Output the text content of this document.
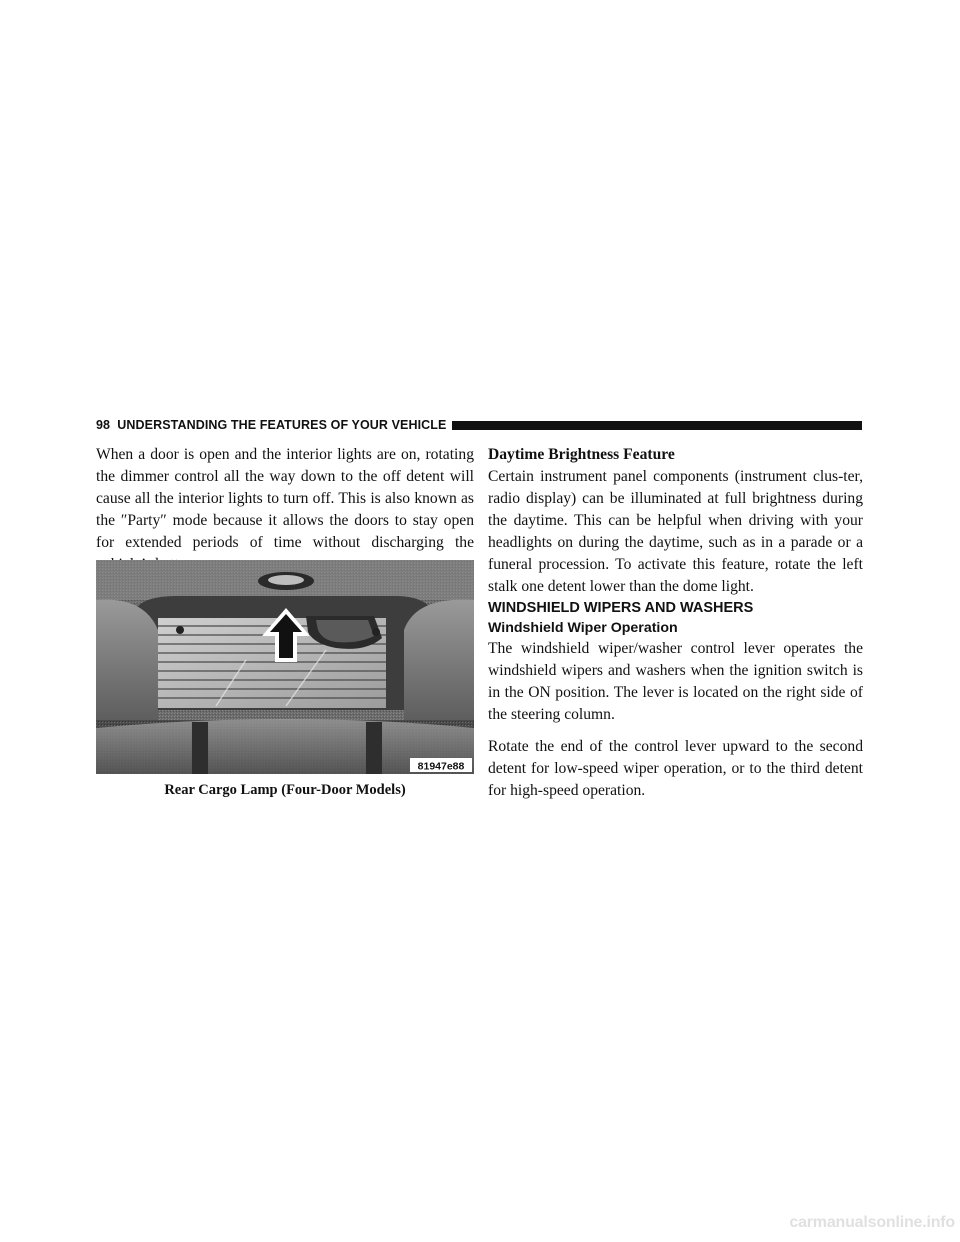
98 UNDERSTANDING THE FEATURES OF YOUR VEHICLE

When a door is open and the interior lights are on, rotating the dimmer control all the way down to the off detent will cause all the interior lights to turn off. This is also known as the ″Party″ mode because it allows the doors to stay open for extended periods of time without discharging the

81947e88
Rear Cargo Lamp (Four-Door Models)

Daytime Brightness Feature

Certain instrument panel components (instrument clus-ter, radio display) can be illuminated at full brightness during the daytime. This can be helpful when driving with your headlights on during the daytime, such as in a parade or a funeral procession. To activate this feature, rotate the left stalk one detent lower than the dome light.

WINDSHIELD WIPERS AND WASHERS

Windshield Wiper Operation

The windshield wiper/washer control lever operates the windshield wipers and washers when the ignition switch is in the ON position. The lever is located on the right side of the steering column.

Rotate the end of the control lever upward to the second detent for low-speed wiper operation, or to the third detent for high-speed operation.

carmanualsonline.info
